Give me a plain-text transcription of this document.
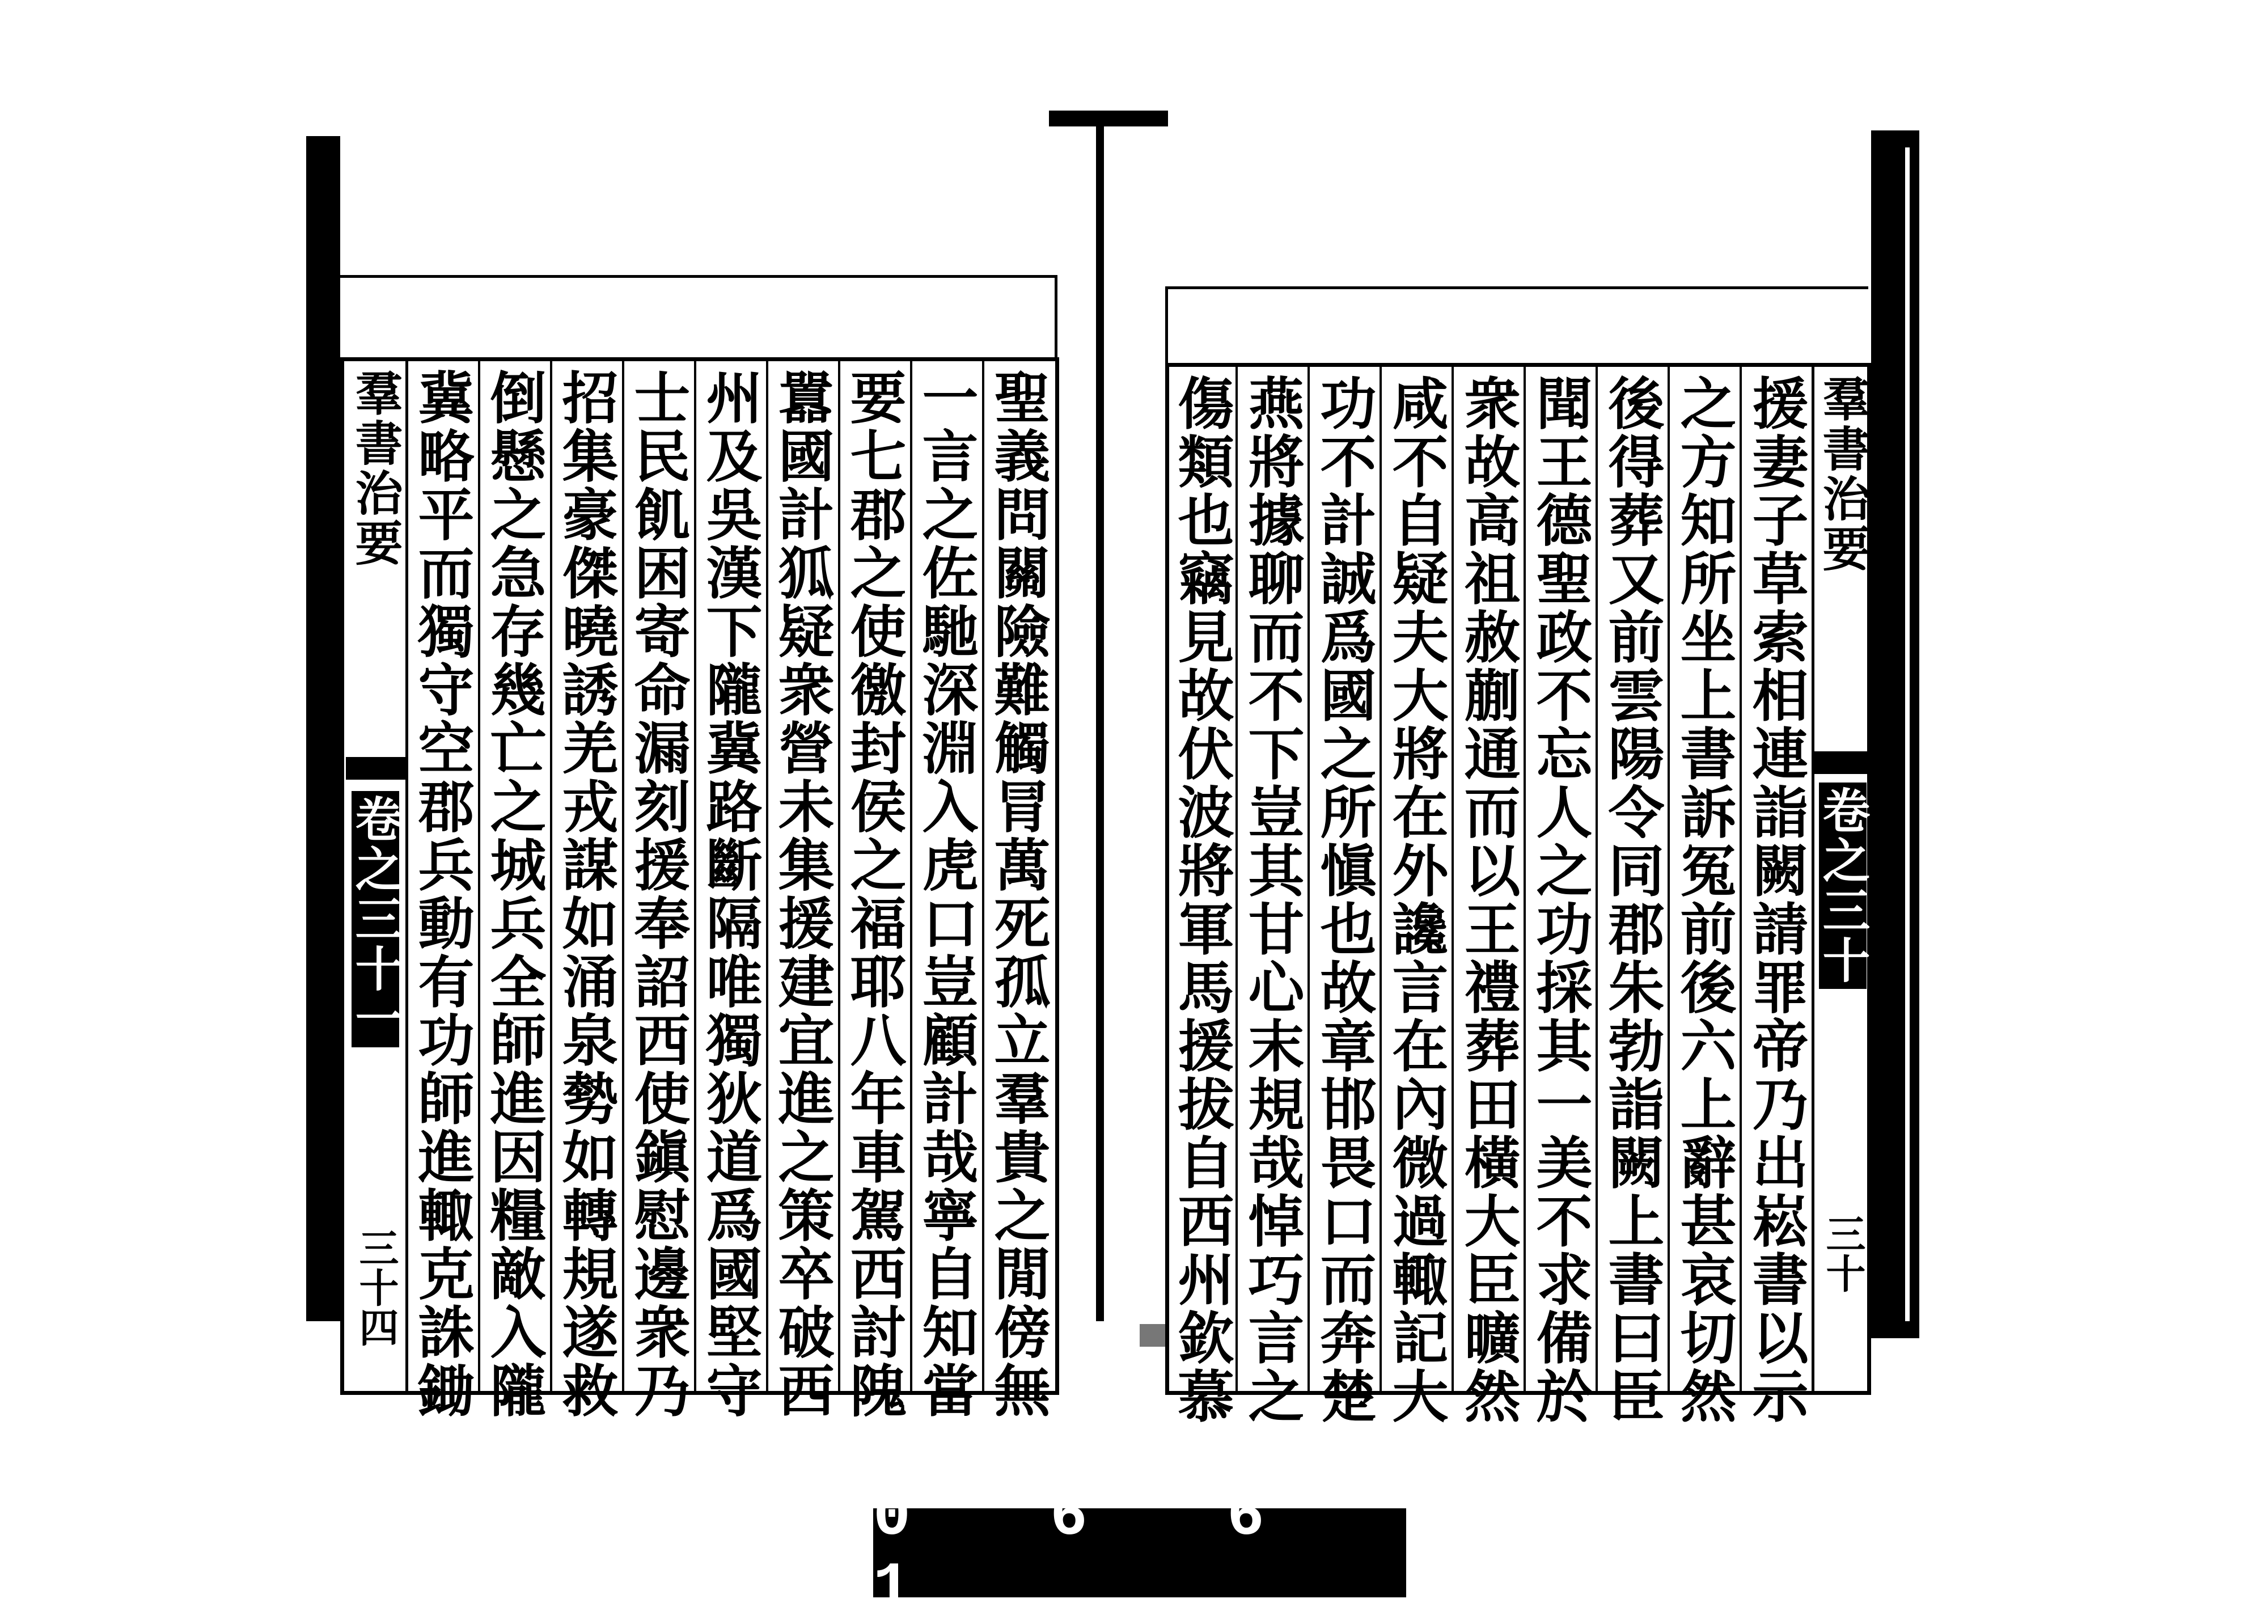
羣書治要
卷之三十一
三十四	聖義問關險難觸冐萬死孤立羣貴之閒傍無
一言之佐馳深淵入虎口豈顧計哉寧自知當
要七郡之使徼封侯之福耶八年車駕西討隗
囂國計狐疑衆營未集援建宜進之策卒破西
州及吳漢下隴冀路斷隔唯獨狄道爲國堅守
士民飢困寄命漏刻援奉詔西使鎭慰邊衆乃
招集豪傑曉誘羌戎謀如涌泉勢如轉規遂救
倒懸之急存幾亡之城兵全師進因糧敵入隴
冀略平而獨守空郡兵動有功師進輙克誅鋤	援妻子草索相連詣闕請罪帝乃出崧書以示
之方知所坐上書訴冤前後六上辭甚哀切然
後得葬又前雲陽令同郡朱勃詣闕上書曰臣
聞王德聖政不忘人之功採其一美不求備於
衆故高祖赦蒯通而以王禮葬田橫大臣曠然
咸不自疑夫大將在外讒言在內微過輙記大
功不計誠爲國之所愼也故章邯畏口而奔楚
燕將據聊而不下豈其甘心末規哉悼巧言之
傷類也竊見故伏波將軍馬援拔自西州欽慕	羣書治要
卷之三十
三十
0 6 6 1
